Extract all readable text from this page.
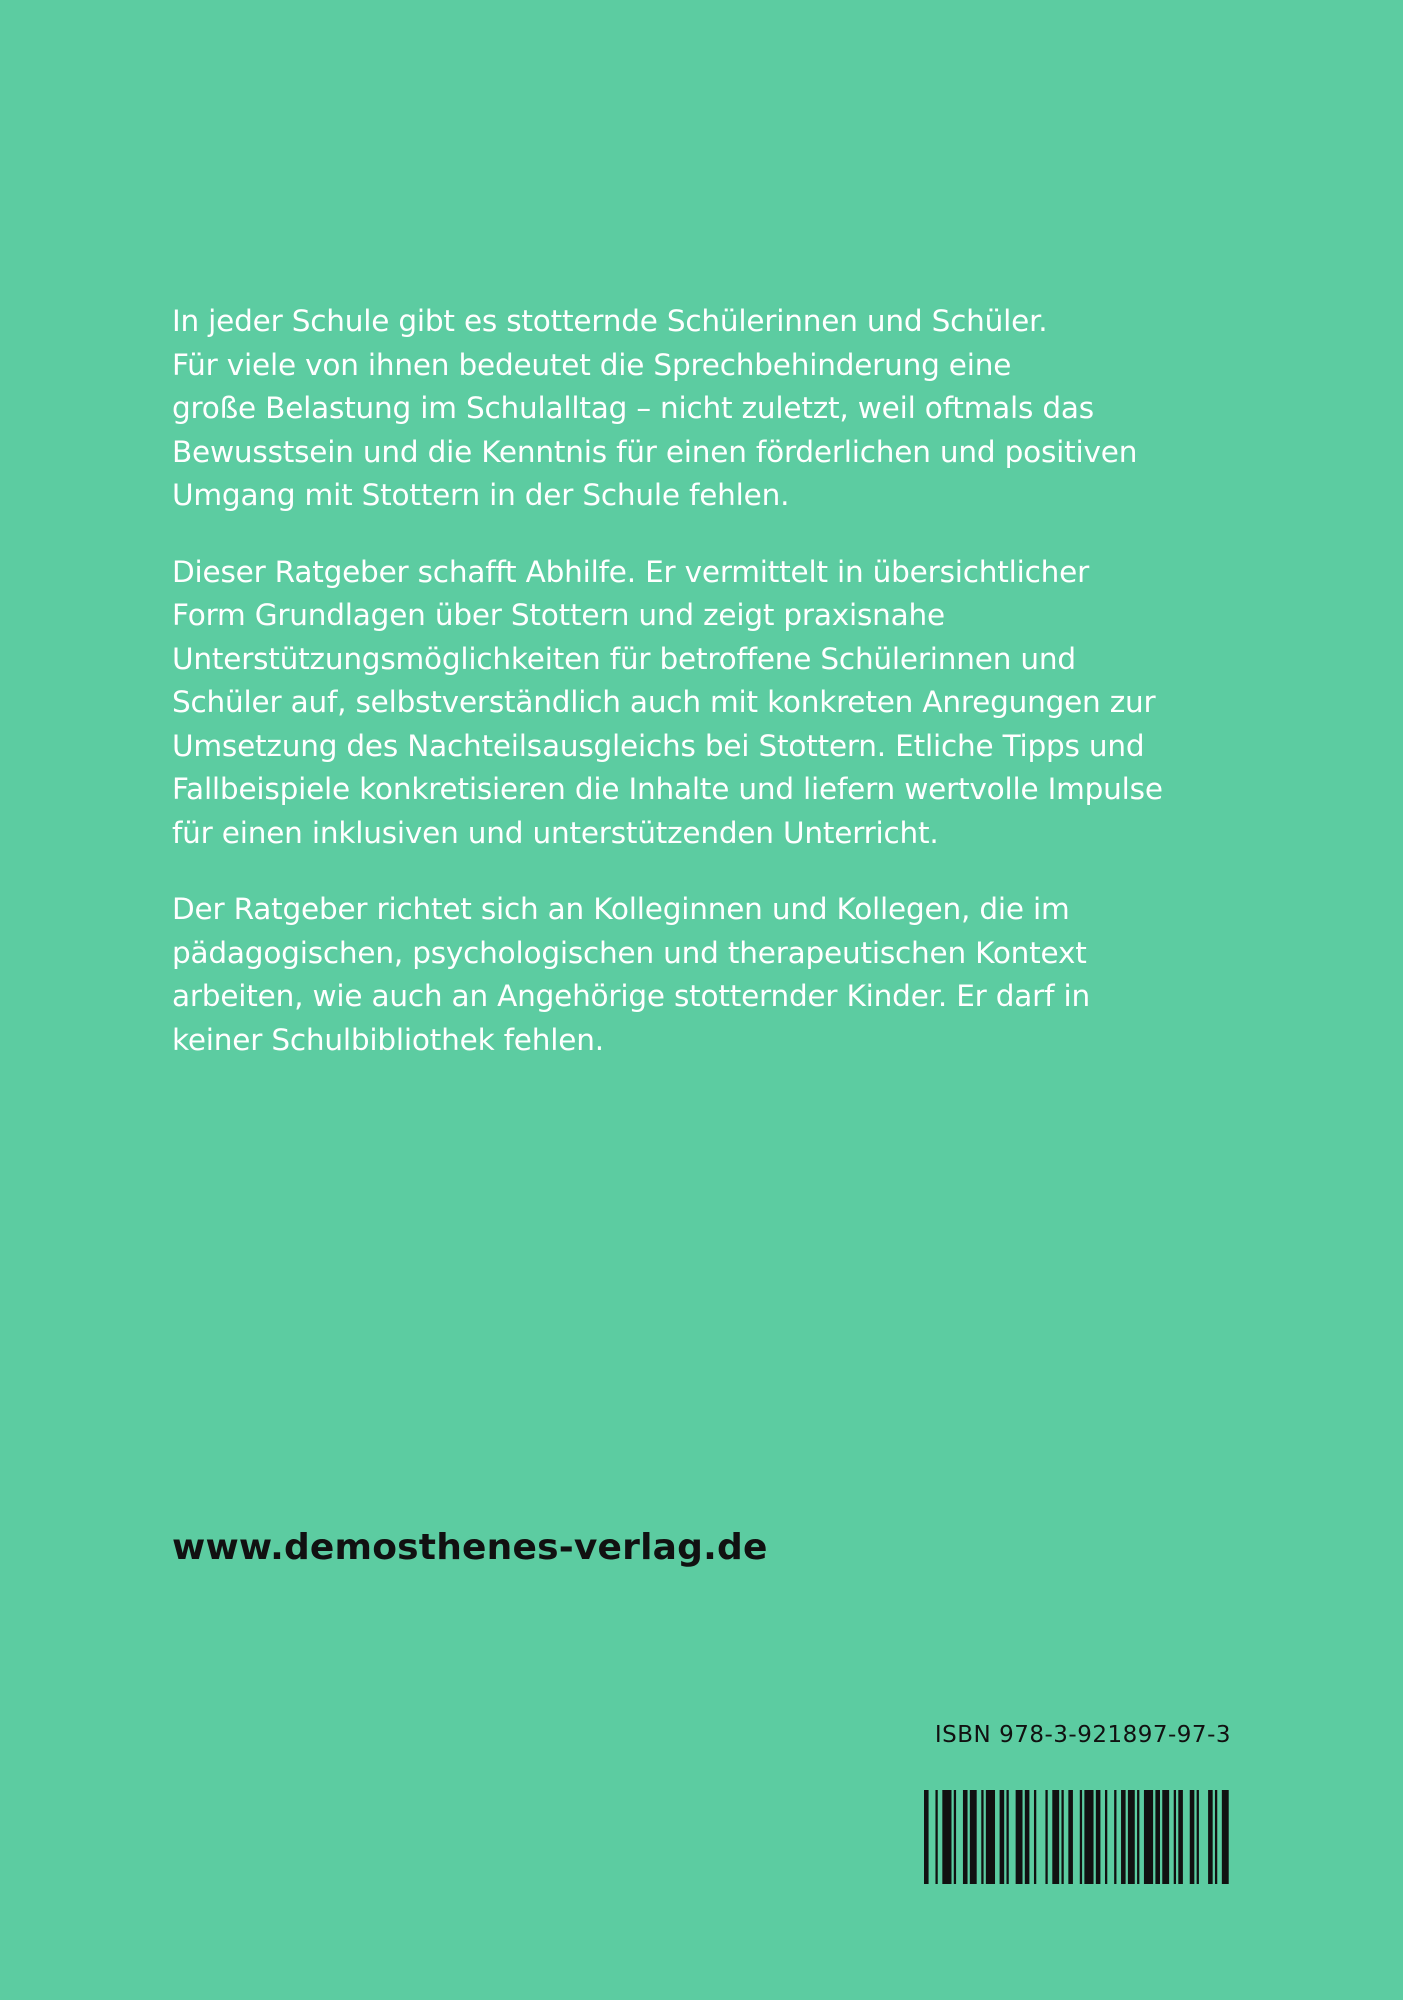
In jeder Schule gibt es stotternde Schülerinnen und Schüler.
Für viele von ihnen bedeutet die Sprechbehinderung eine
große Belastung im Schulalltag – nicht zuletzt, weil oftmals das
Bewusstsein und die Kenntnis für einen förderlichen und positiven
Umgang mit Stottern in der Schule fehlen.

Dieser Ratgeber schafft Abhilfe. Er vermittelt in übersichtlicher
Form Grundlagen über Stottern und zeigt praxisnahe
Unterstützungsmöglichkeiten für betroffene Schülerinnen und
Schüler auf, selbstverständlich auch mit konkreten Anregungen zur
Umsetzung des Nachteilsausgleichs bei Stottern. Etliche Tipps und
Fallbeispiele konkretisieren die Inhalte und liefern wertvolle Impulse
für einen inklusiven und unterstützenden Unterricht.

Der Ratgeber richtet sich an Kolleginnen und Kollegen, die im
pädagogischen, psychologischen und therapeutischen Kontext
arbeiten, wie auch an Angehörige stotternder Kinder. Er darf in
keiner Schulbibliothek fehlen.

www.demosthenes-verlag.de
ISBN 978-3-921897-97-3
